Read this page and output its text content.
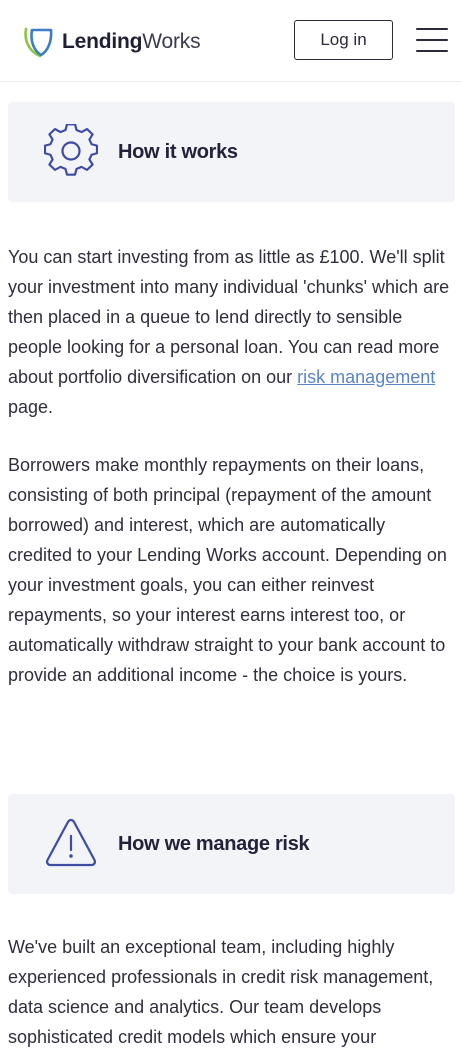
LendingWorks	Log in
How it works

You can start investing from as little as £100. We'll split your investment into many individual 'chunks' which are then placed in a queue to lend directly to sensible people looking for a personal loan. You can read more about portfolio diversification on our risk management page.

Borrowers make monthly repayments on their loans, consisting of both principal (repayment of the amount borrowed) and interest, which are automatically credited to your Lending Works account. Depending on your investment goals, you can either reinvest repayments, so your interest earns interest too, or automatically withdraw straight to your bank account to provide an additional income - the choice is yours.

How we manage risk

We've built an exceptional team, including highly experienced professionals in credit risk management, data science and analytics. Our team develops sophisticated credit models which ensure your
